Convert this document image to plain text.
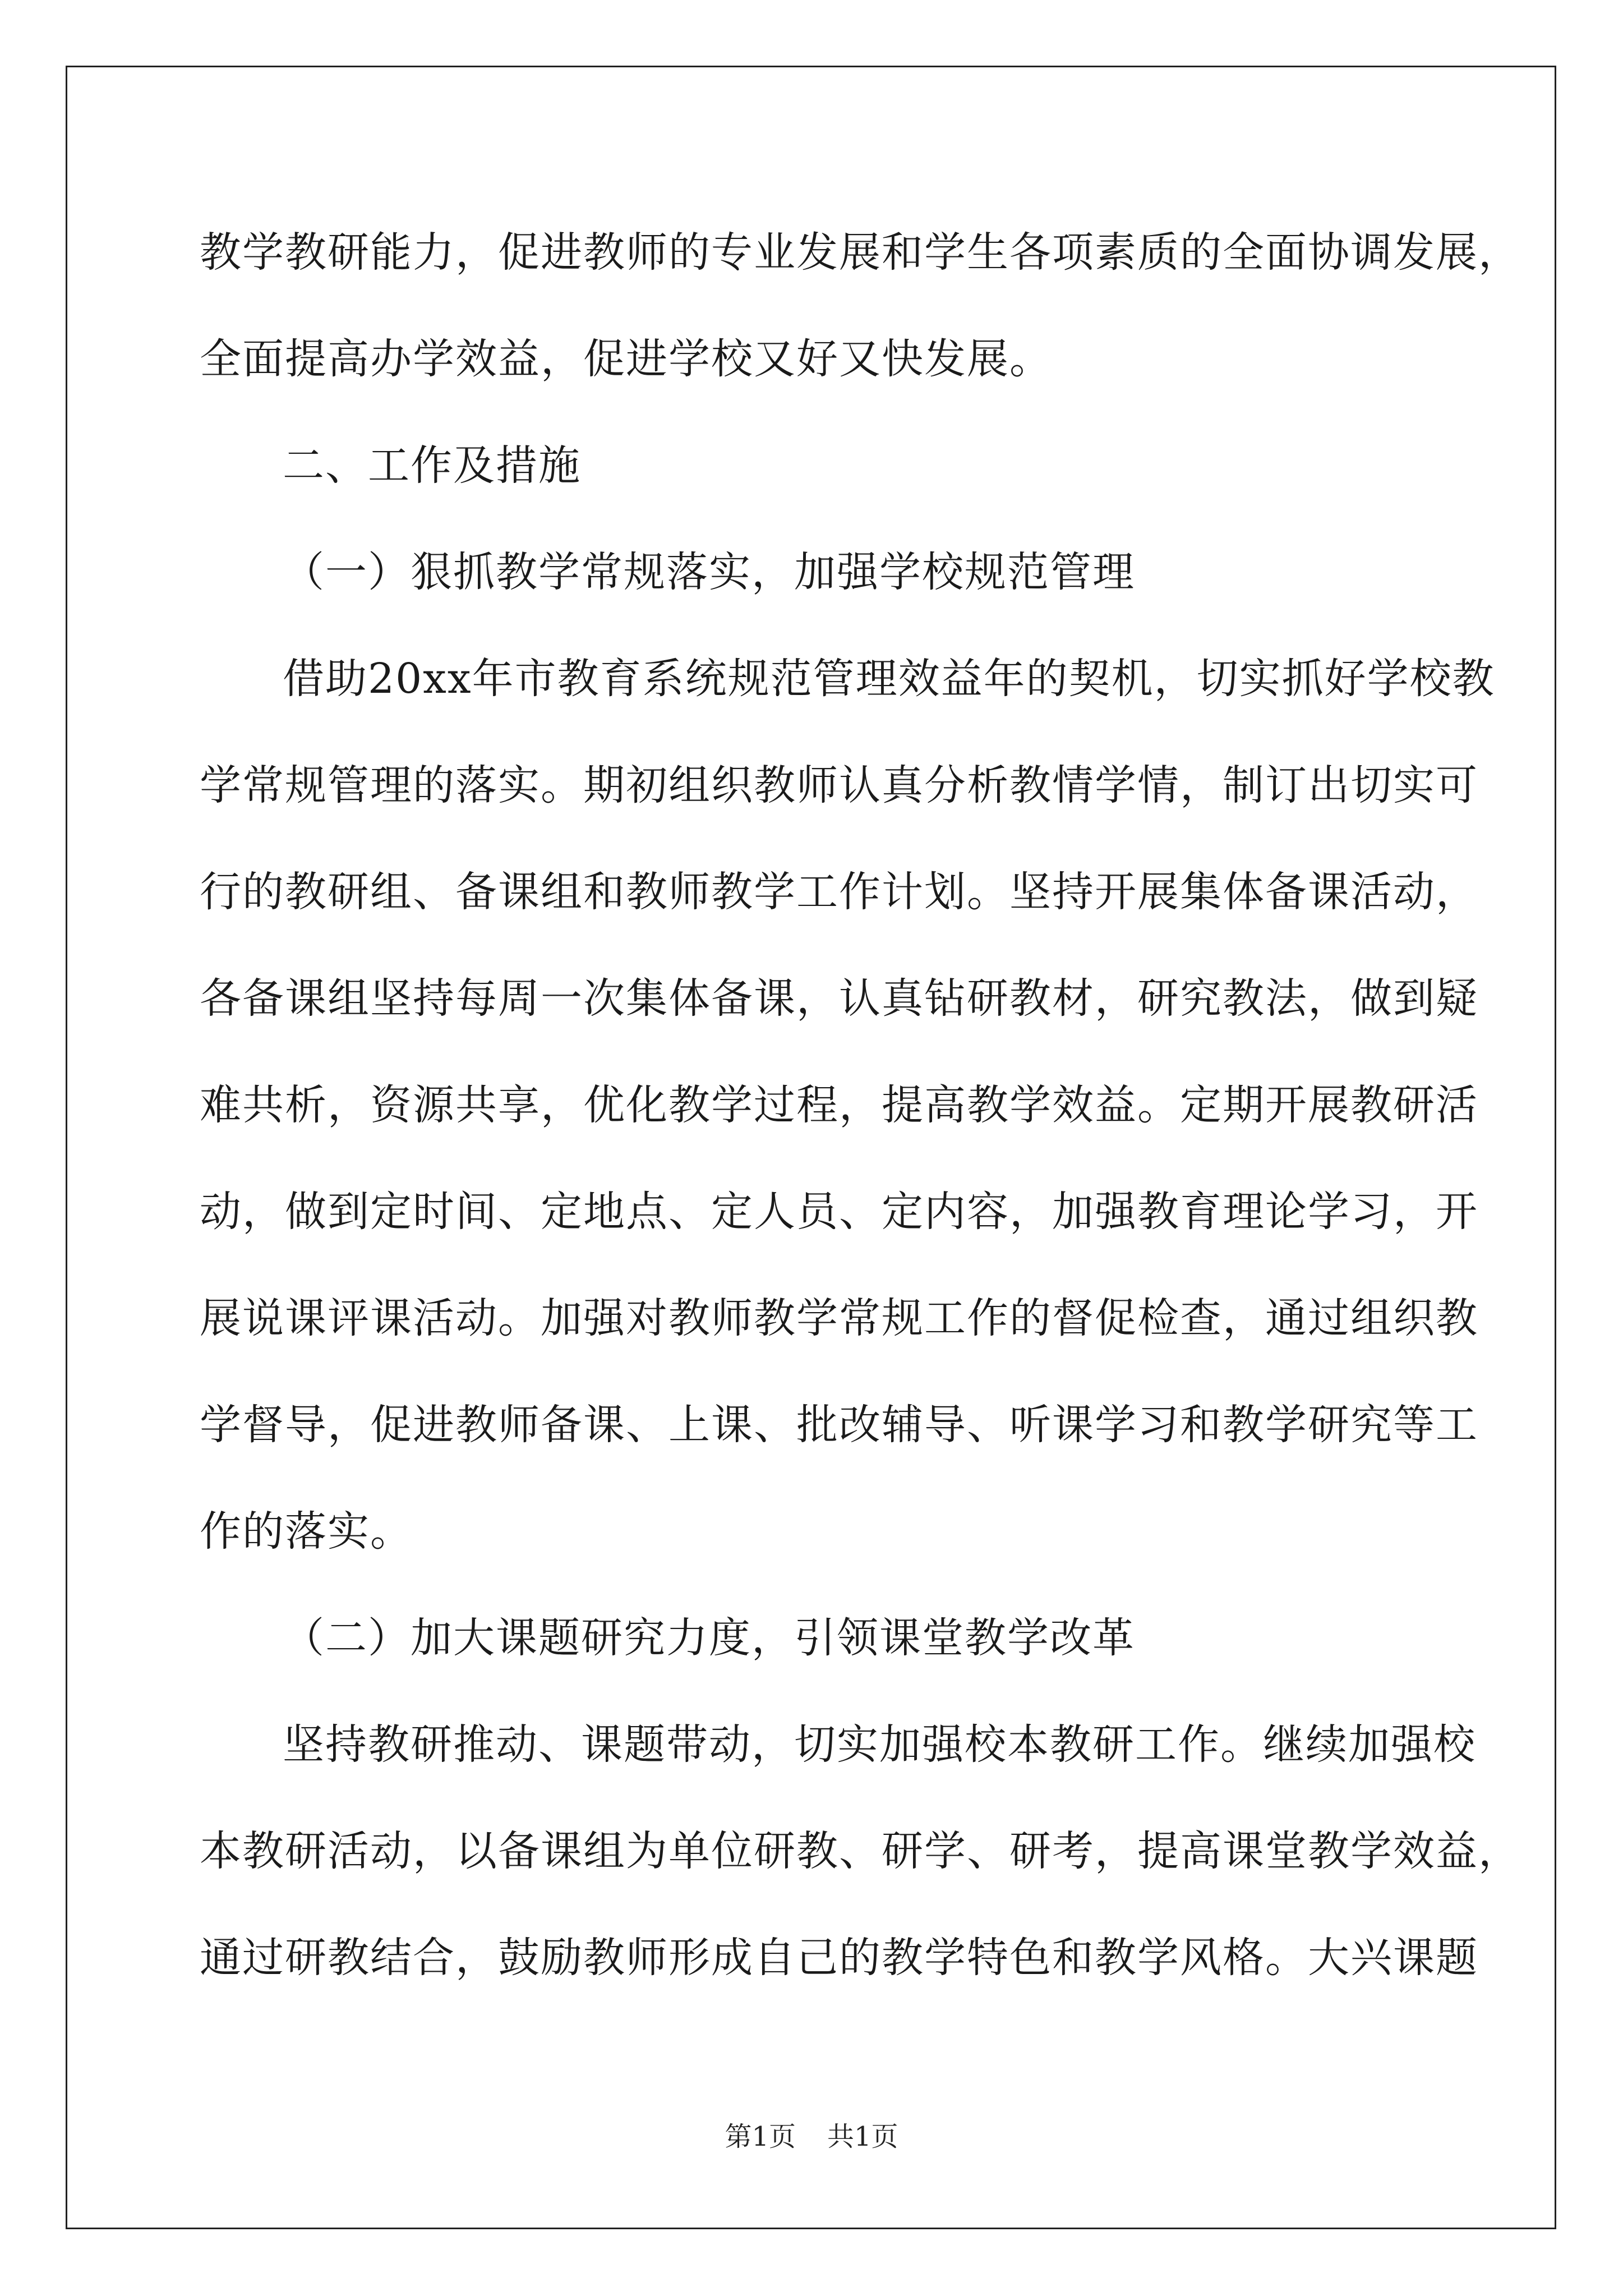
教学教研能力，促进教师的专业发展和学生各项素质的全面协调发展，
全面提高办学效益，促进学校又好又快发展。
二、工作及措施
（一）狠抓教学常规落实，加强学校规范管理
借助20xx年市教育系统规范管理效益年的契机，切实抓好学校教
学常规管理的落实。期初组织教师认真分析教情学情，制订出切实可
行的教研组、备课组和教师教学工作计划。坚持开展集体备课活动，
各备课组坚持每周一次集体备课，认真钻研教材，研究教法，做到疑
难共析，资源共享，优化教学过程，提高教学效益。定期开展教研活
动，做到定时间、定地点、定人员、定内容，加强教育理论学习，开
展说课评课活动。加强对教师教学常规工作的督促检查，通过组织教
学督导，促进教师备课、上课、批改辅导、听课学习和教学研究等工
作的落实。
（二）加大课题研究力度，引领课堂教学改革
坚持教研推动、课题带动，切实加强校本教研工作。继续加强校
本教研活动，以备课组为单位研教、研学、研考，提高课堂教学效益，
通过研教结合，鼓励教师形成自己的教学特色和教学风格。大兴课题
第1页 共1页
